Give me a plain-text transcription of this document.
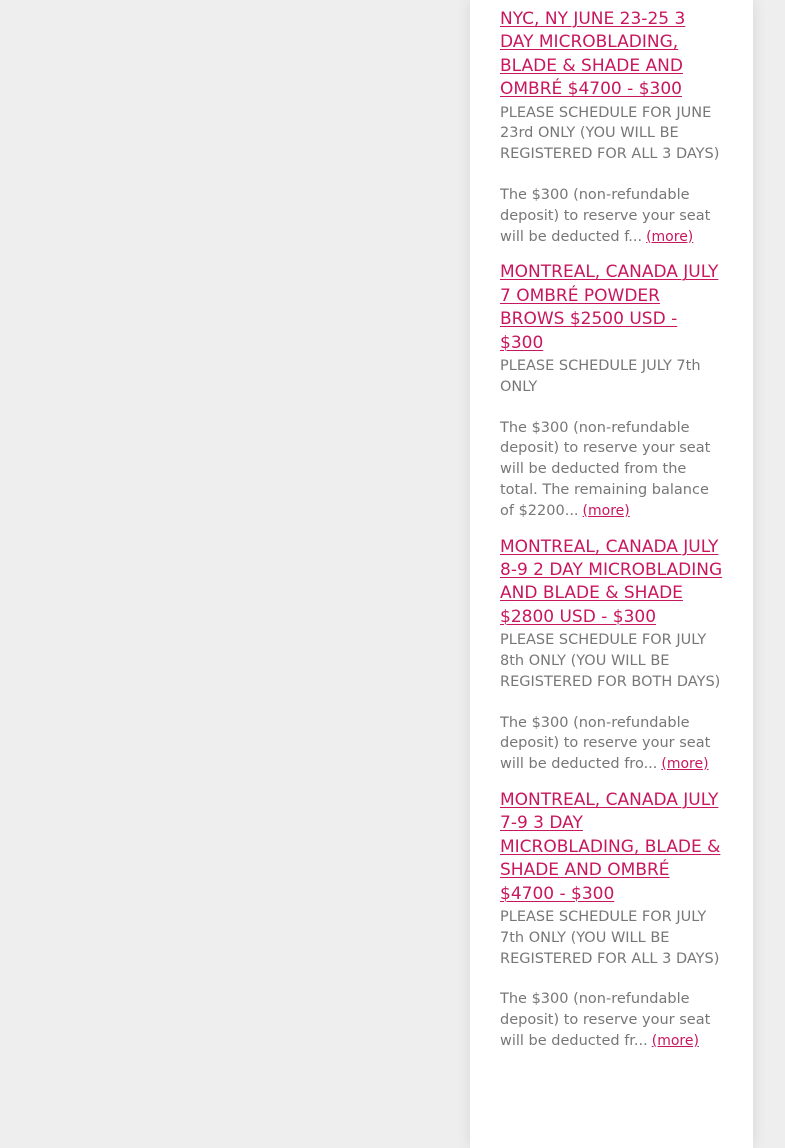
NYC, NY JUNE 23-25 3 DAY MICROBLADING, BLADE & SHADE AND OMBRÉ $4700 - $300
PLEASE SCHEDULE FOR JUNE 23rd ONLY (YOU WILL BE REGISTERED FOR ALL 3 DAYS)
The $300 (non-refundable deposit) to reserve your seat will be deducted f... (more)
MONTREAL, CANADA JULY 7 OMBRÉ POWDER BROWS $2500 USD - $300
PLEASE SCHEDULE JULY 7th ONLY
The $300 (non-refundable deposit) to reserve your seat will be deducted from the total. The remaining balance of $2200... (more)
MONTREAL, CANADA JULY 8-9 2 DAY MICROBLADING AND BLADE & SHADE $2800 USD - $300
PLEASE SCHEDULE FOR JULY 8th ONLY (YOU WILL BE REGISTERED FOR BOTH DAYS)
The $300 (non-refundable deposit) to reserve your seat will be deducted fro... (more)
MONTREAL, CANADA JULY 7-9 3 DAY MICROBLADING, BLADE & SHADE AND OMBRÉ $4700 - $300
PLEASE SCHEDULE FOR JULY 7th ONLY (YOU WILL BE REGISTERED FOR ALL 3 DAYS)
The $300 (non-refundable deposit) to reserve your seat will be deducted fr... (more)
